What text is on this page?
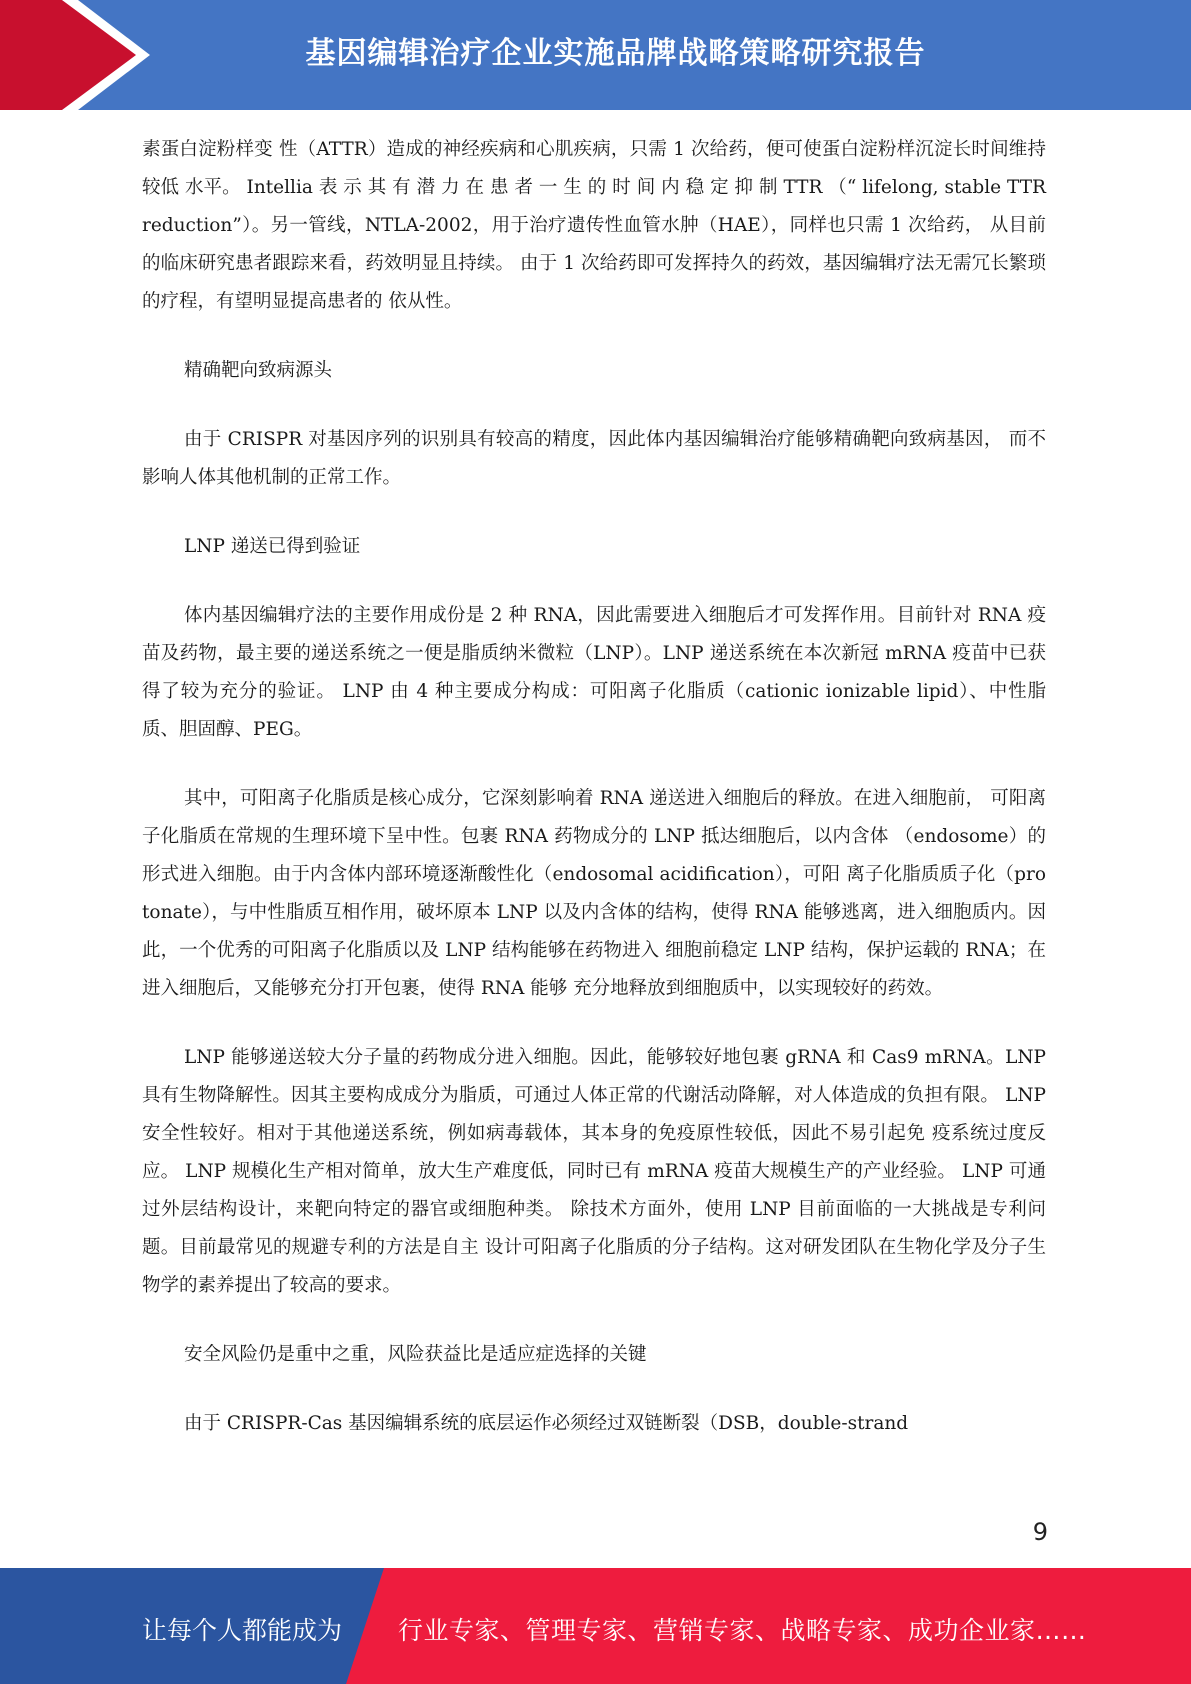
基因编辑治疗企业实施品牌战略策略研究报告

素蛋白淀粉样变 性（ATTR）造成的神经疾病和心肌疾病，只需 1 次给药，便可使蛋白淀粉样沉淀长时间维持较低 水平。 Intellia 表 示 其 有 潜 力 在 患 者 一 生 的 时 间 内 稳 定 抑 制 TTR （“ lifelong, stable TTR reduction”）。另一管线，NTLA-2002，用于治疗遗传性血管水肿（HAE），同样也只需 1 次给药， 从目前的临床研究患者跟踪来看，药效明显且持续。 由于 1 次给药即可发挥持久的药效，基因编辑疗法无需冗长繁琐的疗程，有望明显提高患者的 依从性。

精确靶向致病源头

由于 CRISPR 对基因序列的识别具有较高的精度，因此体内基因编辑治疗能够精确靶向致病基因， 而不影响人体其他机制的正常工作。

LNP 递送已得到验证

体内基因编辑疗法的主要作用成份是 2 种 RNA，因此需要进入细胞后才可发挥作用。目前针对 RNA 疫苗及药物，最主要的递送系统之一便是脂质纳米微粒（LNP）。LNP 递送系统在本次新冠 mRNA 疫苗中已获得了较为充分的验证。 LNP 由 4 种主要成分构成：可阳离子化脂质（cationic ionizable lipid）、中性脂质、胆固醇、PEG。

其中，可阳离子化脂质是核心成分，它深刻影响着 RNA 递送进入细胞后的释放。在进入细胞前， 可阳离子化脂质在常规的生理环境下呈中性。包裹 RNA 药物成分的 LNP 抵达细胞后，以内含体 （endosome）的形式进入细胞。由于内含体内部环境逐渐酸性化（endosomal acidification），可阳 离子化脂质质子化（protonate），与中性脂质互相作用，破坏原本 LNP 以及内含体的结构，使得 RNA 能够逃离，进入细胞质内。因此，一个优秀的可阳离子化脂质以及 LNP 结构能够在药物进入 细胞前稳定 LNP 结构，保护运载的 RNA；在进入细胞后，又能够充分打开包裹，使得 RNA 能够 充分地释放到细胞质中，以实现较好的药效。

LNP 能够递送较大分子量的药物成分进入细胞。因此，能够较好地包裹 gRNA 和 Cas9 mRNA。LNP 具有生物降解性。因其主要构成成分为脂质，可通过人体正常的代谢活动降解，对人体造成的负担有限。 LNP 安全性较好。相对于其他递送系统，例如病毒载体，其本身的免疫原性较低，因此不易引起免 疫系统过度反应。 LNP 规模化生产相对简单，放大生产难度低，同时已有 mRNA 疫苗大规模生产的产业经验。 LNP 可通过外层结构设计，来靶向特定的器官或细胞种类。 除技术方面外，使用 LNP 目前面临的一大挑战是专利问题。目前最常见的规避专利的方法是自主 设计可阳离子化脂质的分子结构。这对研发团队在生物化学及分子生物学的素养提出了较高的要求。

安全风险仍是重中之重，风险获益比是适应症选择的关键

由于 CRISPR-Cas 基因编辑系统的底层运作必须经过双链断裂（DSB，double-strand

9
让每个人都能成为 行业专家、管理专家、营销专家、战略专家、成功企业家……
